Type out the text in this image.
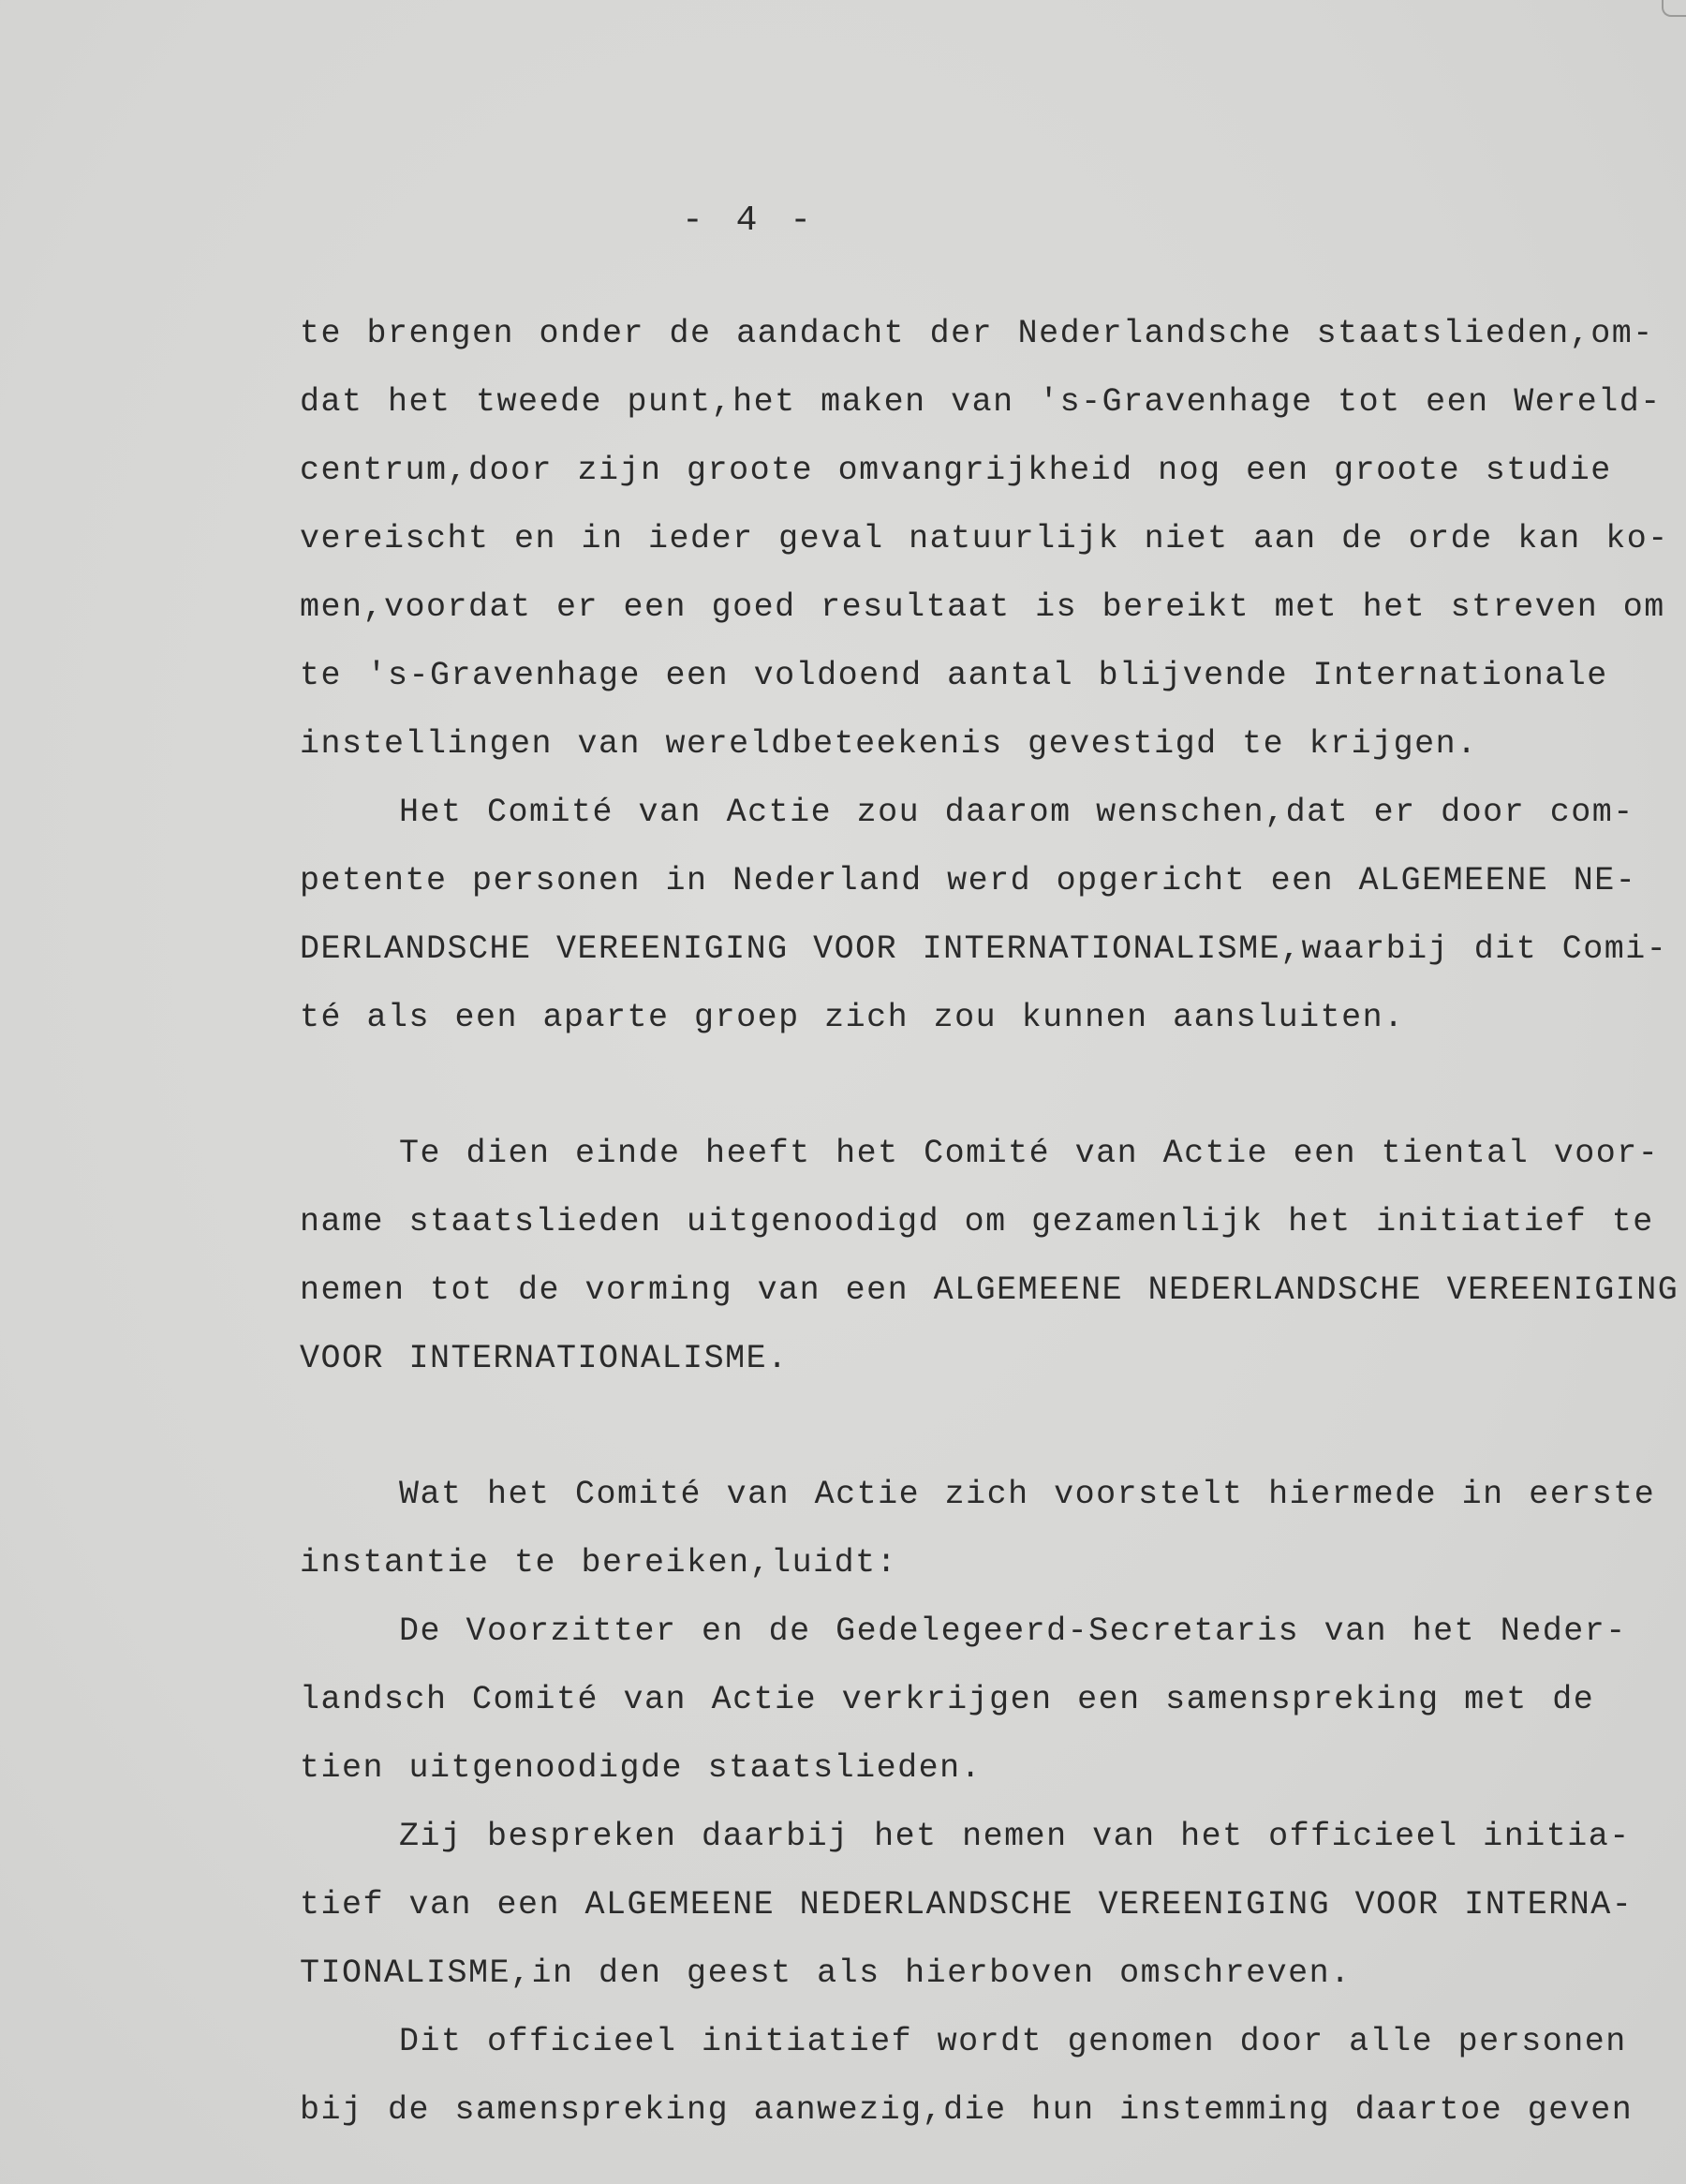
- 4 -
te brengen onder de aandacht der Nederlandsche staatslieden,om-
dat het tweede punt,het maken van 's-Gravenhage tot een Wereld-
centrum,door zijn groote omvangrijkheid nog een groote studie
vereischt en in ieder geval natuurlijk niet aan de orde kan ko-
men,voordat er een goed resultaat is bereikt met het streven om
te 's-Gravenhage een voldoend aantal blijvende Internationale
instellingen van wereldbeteekenis gevestigd te krijgen.
Het Comité van Actie zou daarom wenschen,dat er door com-
petente personen in Nederland werd opgericht een ALGEMEENE NE-
DERLANDSCHE VEREENIGING VOOR INTERNATIONALISME,waarbij dit Comi-
té als een aparte groep zich zou kunnen aansluiten.
Te dien einde heeft het Comité van Actie een tiental voor-
name staatslieden uitgenoodigd om gezamenlijk het initiatief te
nemen tot de vorming van een ALGEMEENE NEDERLANDSCHE VEREENIGING
VOOR INTERNATIONALISME.
Wat het Comité van Actie zich voorstelt hiermede in eerste
instantie te bereiken,luidt:
De Voorzitter en de Gedelegeerd-Secretaris van het Neder-
landsch Comité van Actie verkrijgen een samenspreking met de
tien uitgenoodigde staatslieden.
Zij bespreken daarbij het nemen van het officieel initia-
tief van een ALGEMEENE NEDERLANDSCHE VEREENIGING VOOR INTERNA-
TIONALISME,in den geest als hierboven omschreven.
Dit officieel initiatief wordt genomen door alle personen
bij de samenspreking aanwezig,die hun instemming daartoe geven
